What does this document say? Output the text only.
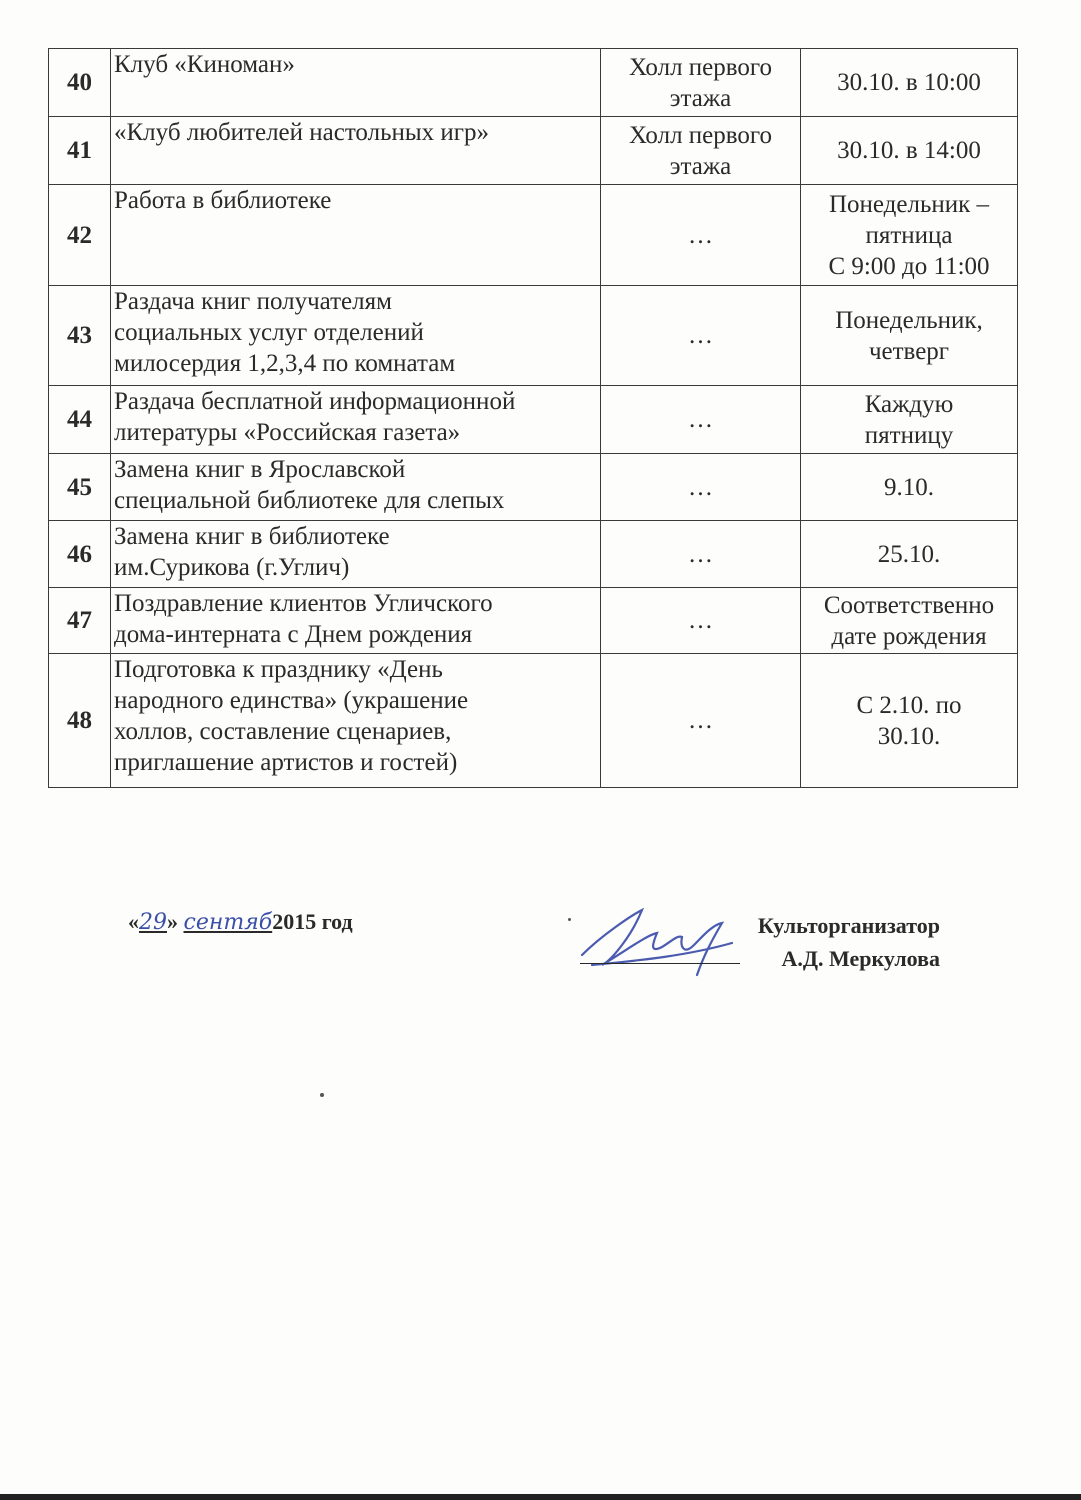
40	Клуб «Киноман»	Холл первого этажа	30.10. в 10:00
41	«Клуб любителей настольных игр»	Холл первого этажа	30.10. в 14:00
42	Работа в библиотеке	…	Понедельник –
пятница
С 9:00 до 11:00
43	Раздача книг получателям
социальных услуг отделений
милосердия 1,2,3,4 по комнатам	…	Понедельник,
четверг
44	Раздача бесплатной информационной
литературы «Российская газета»	…	Каждую
пятницу
45	Замена книг в Ярославской
специальной библиотеке для слепых	…	9.10.
46	Замена книг в библиотеке
им.Сурикова (г.Углич)	…	25.10.
47	Поздравление клиентов Угличского
дома-интерната с Днем рождения	…	Соответственно
дате рождения
48	Подготовка к празднику «День
народного единства» (украшение
холлов, составление сценариев,
приглашение артистов и гостей)	…	С 2.10. по
30.10.
«29» сентяб2015 год	Культорганизатор
А.Д. Меркулова
